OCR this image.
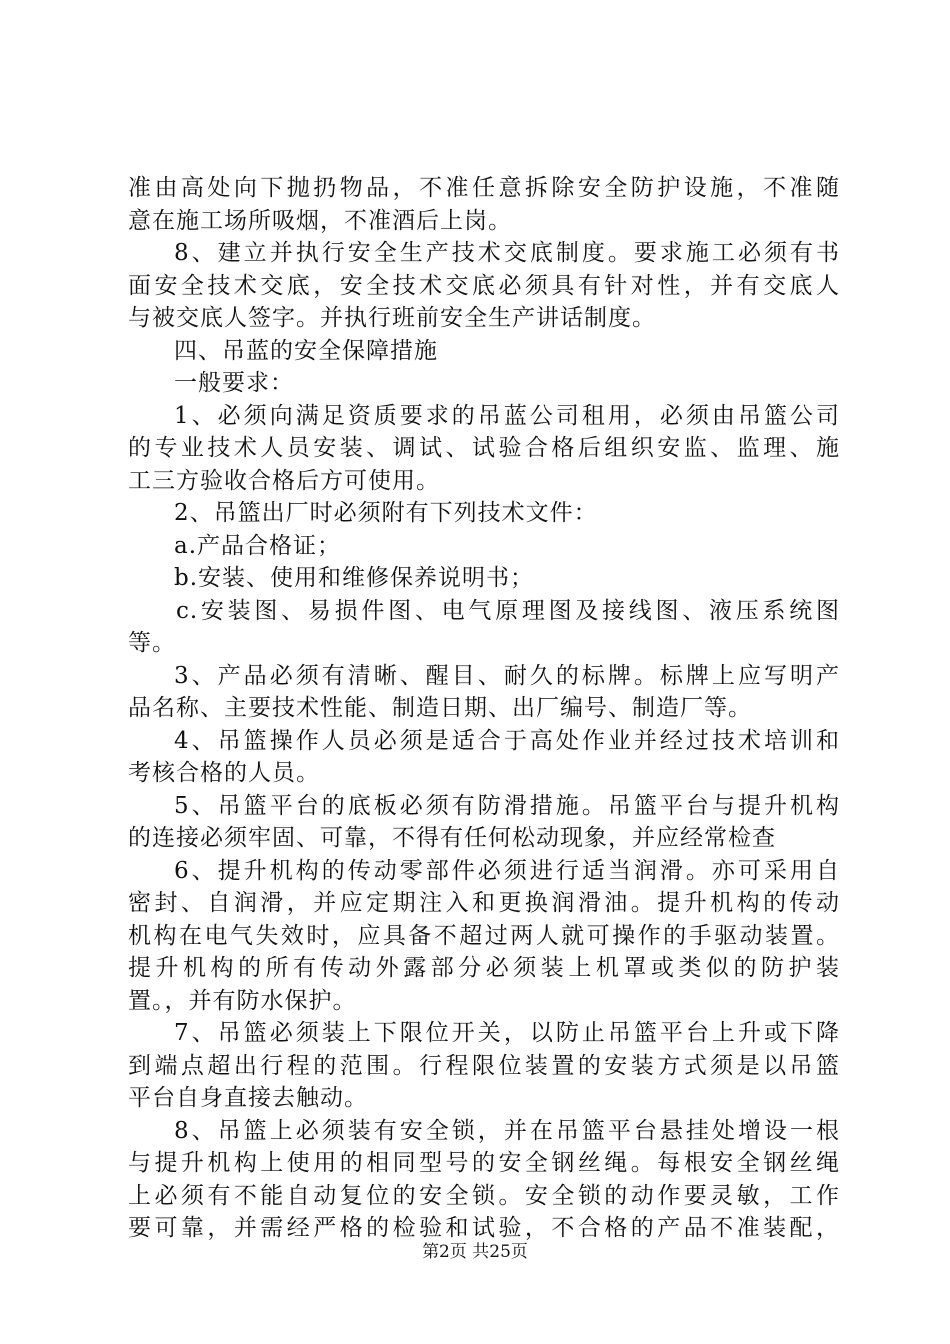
准由高处向下抛扔物品，不准任意拆除安全防护设施，不准随
意在施工场所吸烟，不准酒后上岗。
8、建立并执行安全生产技术交底制度。要求施工必须有书
面安全技术交底，安全技术交底必须具有针对性，并有交底人
与被交底人签字。并执行班前安全生产讲话制度。
四、吊蓝的安全保障措施
一般要求：
1、必须向满足资质要求的吊蓝公司租用，必须由吊篮公司
的专业技术人员安装、调试、试验合格后组织安监、监理、施
工三方验收合格后方可使用。
2、吊篮出厂时必须附有下列技术文件：
a.产品合格证；
b.安装、使用和维修保养说明书；
c.安装图、易损件图、电气原理图及接线图、液压系统图
等。
3、产品必须有清晰、醒目、耐久的标牌。标牌上应写明产
品名称、主要技术性能、制造日期、出厂编号、制造厂等。
4、吊篮操作人员必须是适合于高处作业并经过技术培训和
考核合格的人员。
5、吊篮平台的底板必须有防滑措施。吊篮平台与提升机构
的连接必须牢固、可靠，不得有任何松动现象，并应经常检查
6、提升机构的传动零部件必须进行适当润滑。亦可采用自
密封、自润滑，并应定期注入和更换润滑油。提升机构的传动
机构在电气失效时，应具备不超过两人就可操作的手驱动装置。
提升机构的所有传动外露部分必须装上机罩或类似的防护装
置。，并有防水保护。
7、吊篮必须装上下限位开关，以防止吊篮平台上升或下降
到端点超出行程的范围。行程限位装置的安装方式须是以吊篮
平台自身直接去触动。
8、吊篮上必须装有安全锁，并在吊篮平台悬挂处增设一根
与提升机构上使用的相同型号的安全钢丝绳。每根安全钢丝绳
上必须有不能自动复位的安全锁。安全锁的动作要灵敏，工作
要可靠，并需经严格的检验和试验，不合格的产品不准装配，
第2页 共25页
